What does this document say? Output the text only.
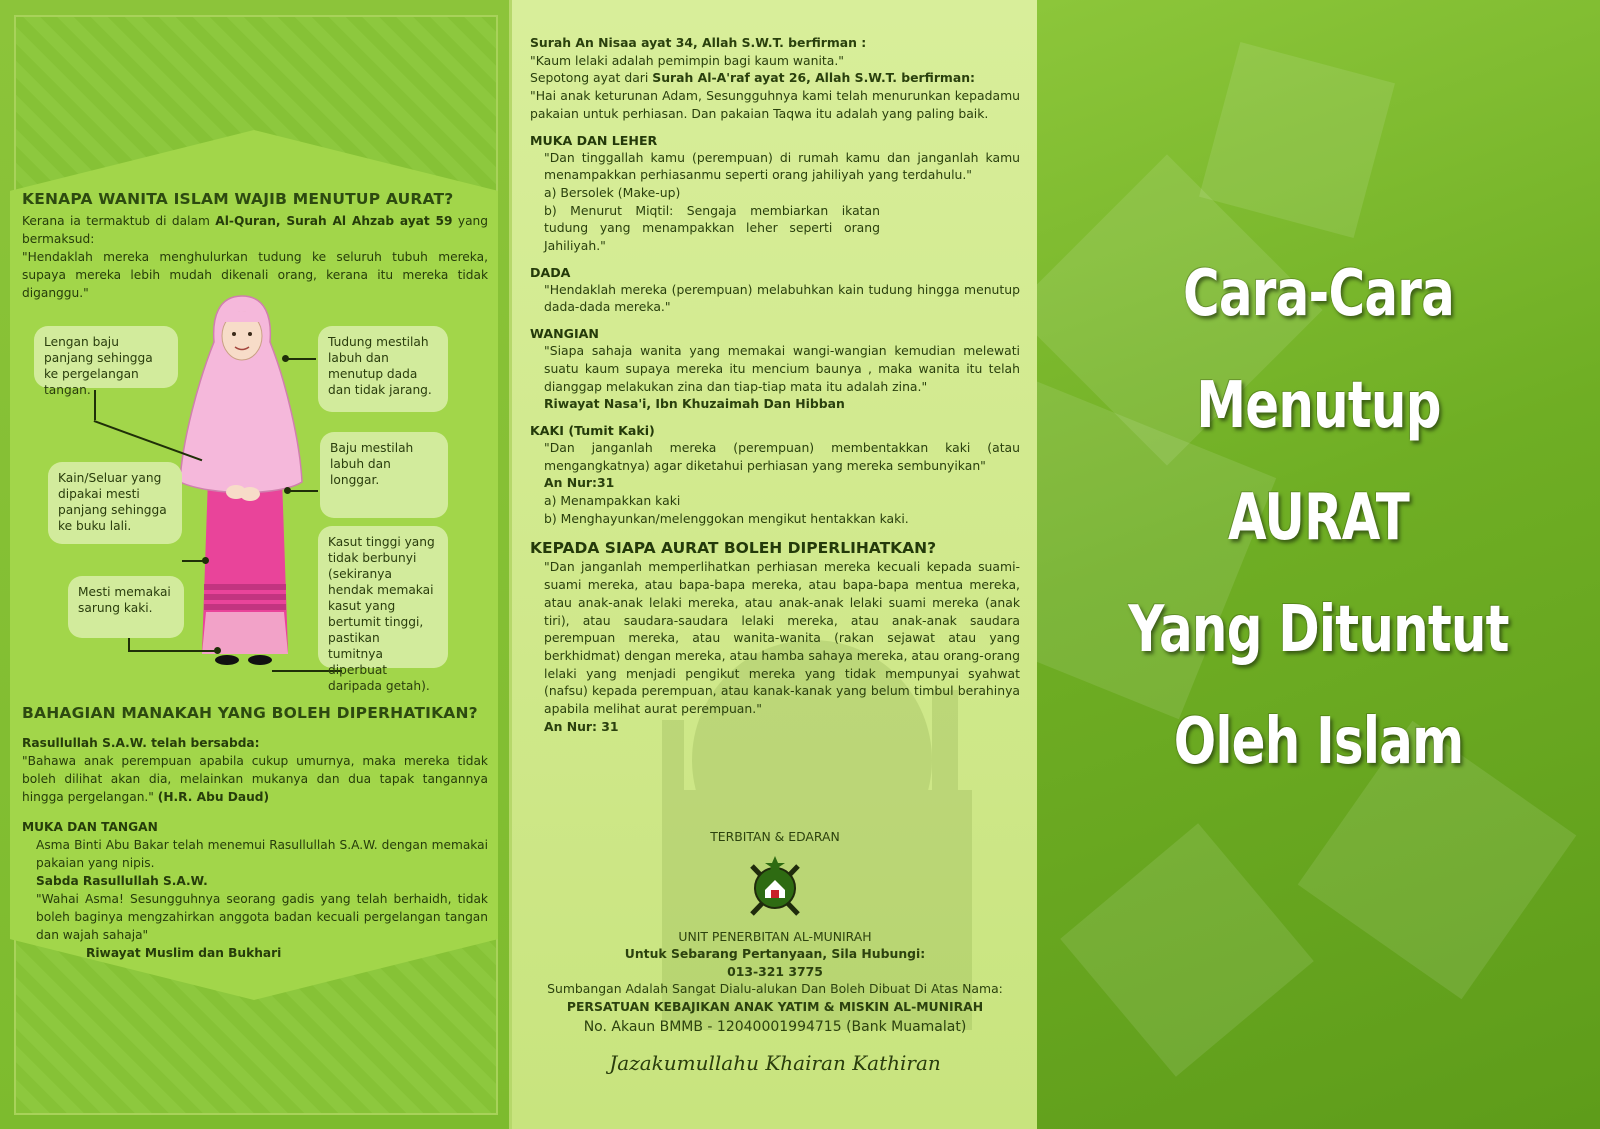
KENAPA WANITA ISLAM WAJIB MENUTUP AURAT?

Kerana ia termaktub di dalam Al-Quran, Surah Al Ahzab ayat 59 yang bermaksud:

"Hendaklah mereka menghulurkan tudung ke seluruh tubuh mereka, supaya mereka lebih mudah dikenali orang, kerana itu mereka tidak diganggu."

Lengan baju panjang sehingga ke pergelangan tangan.
Tudung mestilah labuh dan menutup dada dan tidak jarang.
Baju mestilah labuh dan longgar.
Kain/Seluar yang dipakai mesti panjang sehingga ke buku lali.
Kasut tinggi yang tidak berbunyi (sekiranya hendak memakai kasut yang bertumit tinggi, pastikan tumitnya diperbuat daripada getah).
Mesti memakai sarung kaki.

BAHAGIAN MANAKAH YANG BOLEH DIPERHATIKAN?

Rasullullah S.A.W. telah bersabda:

"Bahawa anak perempuan apabila cukup umurnya, maka mereka tidak boleh dilihat akan dia, melainkan mukanya dan dua tapak tangannya hingga pergelangan." (H.R. Abu Daud)

MUKA DAN TANGAN

Asma Binti Abu Bakar telah menemui Rasullullah S.A.W. dengan memakai pakaian yang nipis.

Sabda Rasullullah S.A.W.

"Wahai Asma! Sesungguhnya seorang gadis yang telah berhaidh, tidak boleh baginya mengzahirkan anggota badan kecuali pergelangan tangan dan wajah sahaja"

Riwayat Muslim dan Bukhari

Surah An Nisaa ayat 34, Allah S.W.T. berfirman :

"Kaum lelaki adalah pemimpin bagi kaum wanita."

Sepotong ayat dari Surah Al-A'raf ayat 26, Allah S.W.T. berfirman:

"Hai anak keturunan Adam, Sesungguhnya kami telah menurunkan kepadamu pakaian untuk perhiasan. Dan pakaian Taqwa itu adalah yang paling baik.

MUKA DAN LEHER

"Dan tinggallah kamu (perempuan) di rumah kamu dan janganlah kamu menampakkan perhiasanmu seperti orang jahiliyah yang terdahulu."

a) Bersolek (Make-up)

b) Menurut Miqtil: Sengaja membiarkan ikatan tudung yang menampakkan leher seperti orang Jahiliyah."

DADA

"Hendaklah mereka (perempuan) melabuhkan kain tudung hingga menutup dada-dada mereka."

WANGIAN

"Siapa sahaja wanita yang memakai wangi-wangian kemudian melewati suatu kaum supaya mereka itu mencium baunya , maka wanita itu telah dianggap melakukan zina dan tiap-tiap mata itu adalah zina."

Riwayat Nasa'i, Ibn Khuzaimah Dan Hibban

KAKI (Tumit Kaki)

"Dan janganlah mereka (perempuan) membentakkan kaki (atau mengangkatnya) agar diketahui perhiasan yang mereka sembunyikan"

An Nur:31

a) Menampakkan kaki

b) Menghayunkan/melenggokan mengikut hentakkan kaki.

KEPADA SIAPA AURAT BOLEH DIPERLIHATKAN?

"Dan janganlah memperlihatkan perhiasan mereka kecuali kepada suami-suami mereka, atau bapa-bapa mereka, atau bapa-bapa mentua mereka, atau anak-anak lelaki mereka, atau anak-anak lelaki suami mereka (anak tiri), atau saudara-saudara lelaki mereka, atau anak-anak saudara perempuan mereka, atau wanita-wanita (rakan sejawat atau yang berkhidmat) dengan mereka, atau hamba sahaya mereka, atau orang-orang lelaki yang menjadi pengikut mereka yang tidak mempunyai syahwat (nafsu) kepada perempuan, atau kanak-kanak yang belum timbul berahinya apabila melihat aurat perempuan."

An Nur: 31

TERBITAN & EDARAN

UNIT PENERBITAN AL-MUNIRAH

Untuk Sebarang Pertanyaan, Sila Hubungi:

013-321 3775

Sumbangan Adalah Sangat Dialu-alukan Dan Boleh Dibuat Di Atas Nama:

PERSATUAN KEBAJIKAN ANAK YATIM & MISKIN AL-MUNIRAH

No. Akaun BMMB - 12040001994715 (Bank Muamalat)

Jazakumullahu Khairan Kathiran

Cara-Cara
Menutup
AURAT
Yang Dituntut
Oleh Islam
